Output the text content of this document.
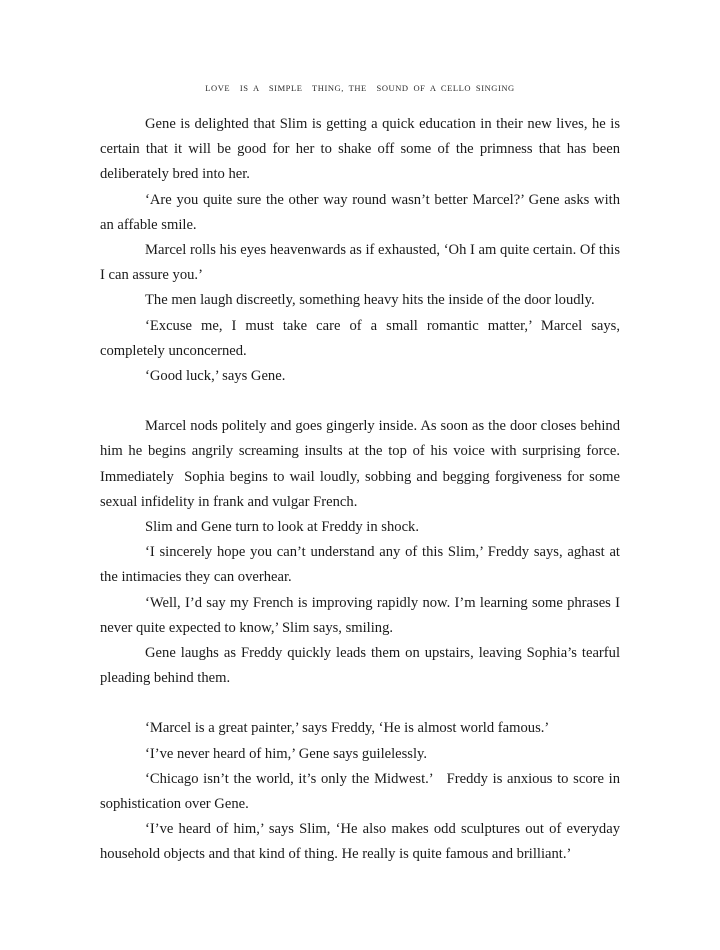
LOVE  IS A  SIMPLE  THING, THE  SOUND OF A CELLO SINGING

Gene is delighted that Slim is getting a quick education in their new lives, he is certain that it will be good for her to shake off some of the primness that has been deliberately bred into her.

‘Are you quite sure the other way round wasn’t better Marcel?’ Gene asks with an affable smile.

Marcel rolls his eyes heavenwards as if exhausted, ‘Oh I am quite certain. Of this I can assure you.’

The men laugh discreetly, something heavy hits the inside of the door loudly.

‘Excuse me, I must take care of a small romantic matter,’ Marcel says, completely unconcerned.

‘Good luck,’ says Gene.

Marcel nods politely and goes gingerly inside. As soon as the door closes behind him he begins angrily screaming insults at the top of his voice with surprising force. Immediately  Sophia begins to wail loudly, sobbing and begging forgiveness for some sexual infidelity in frank and vulgar French.

Slim and Gene turn to look at Freddy in shock.

‘I sincerely hope you can’t understand any of this Slim,’ Freddy says, aghast at the intimacies they can overhear.

‘Well, I’d say my French is improving rapidly now. I’m learning some phrases I never quite expected to know,’ Slim says, smiling.

Gene laughs as Freddy quickly leads them on upstairs, leaving Sophia’s tearful pleading behind them.

‘Marcel is a great painter,’ says Freddy, ‘He is almost world famous.’

‘I’ve never heard of him,’ Gene says guilelessly.

‘Chicago isn’t the world, it’s only the Midwest.’   Freddy is anxious to score in sophistication over Gene.

‘I’ve heard of him,’ says Slim, ‘He also makes odd sculptures out of everyday household objects and that kind of thing. He really is quite famous and brilliant.’
